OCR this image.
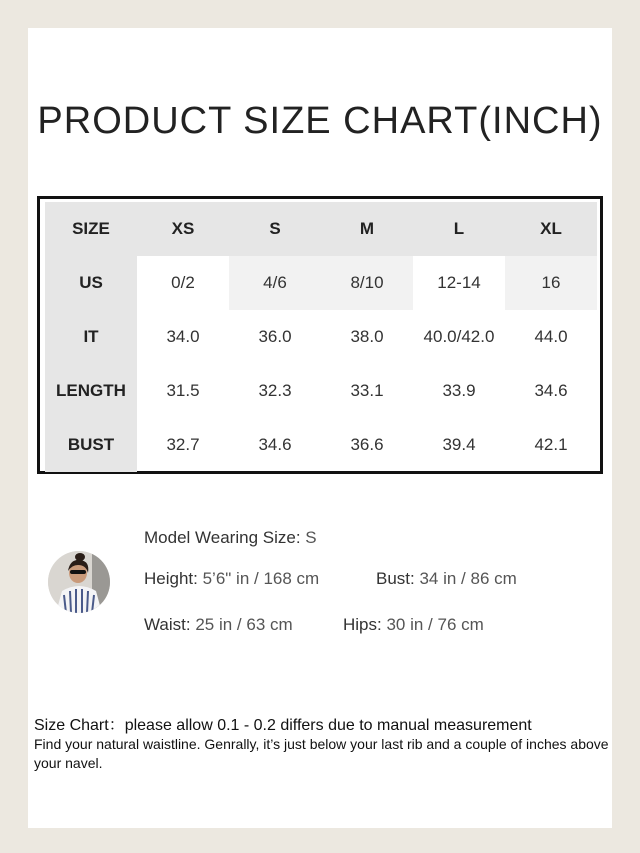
PRODUCT SIZE CHART(INCH)
SIZE	XS	S	M	L	XL
US	0/2	4/6	8/10	12-14	16
IT	34.0	36.0	38.0	40.0/42.0	44.0
LENGTH	31.5	32.3	33.1	33.9	34.6
BUST	32.7	34.6	36.6	39.4	42.1
Model Wearing Size: S
Height: 5’6" in / 168 cm	Bust: 34 in / 86 cm
Waist: 25 in / 63 cm	Hips: 30 in / 76 cm
Size Chart：please allow 0.1 - 0.2 differs due to manual measurement
Find your natural waistline. Genrally, it’s just below your last rib and a couple of inches above your navel.
